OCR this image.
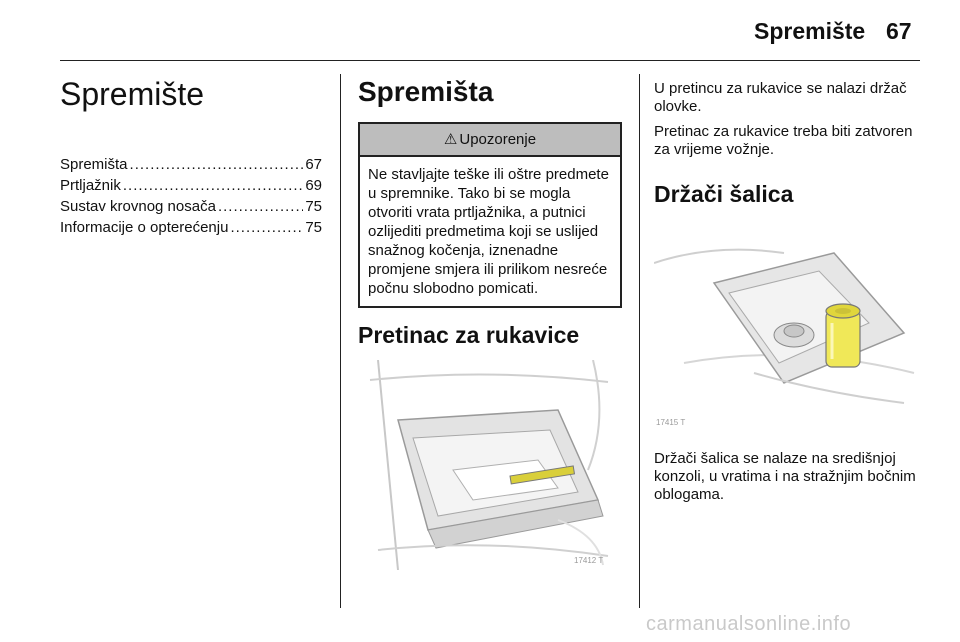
Spremište 67
Spremište
Spremišta .....	67
Prtljažnik .....	69
Sustav krovnog nosača .....	75
Informacije o opterećenju .....	75
Spremišta
⚠ Upozorenje
Ne stavljajte teške ili oštre predmete u spremnike. Tako bi se mogla otvoriti vrata prtljažnika, a putnici ozlijediti predmetima koji se uslijed snažnog kočenja, iznenadne promjene smjera ili prilikom nesreće počnu slobodno pomicati.
Pretinac za rukavice
17412 T

U pretincu za rukavice se nalazi držač olovke.

Pretinac za rukavice treba biti zatvoren za vrijeme vožnje.

Držači šalica
17415 T

Držači šalica se nalaze na središnjoj konzoli, u vratima i na stražnjim bočnim oblogama.

carmanualsonline.info
